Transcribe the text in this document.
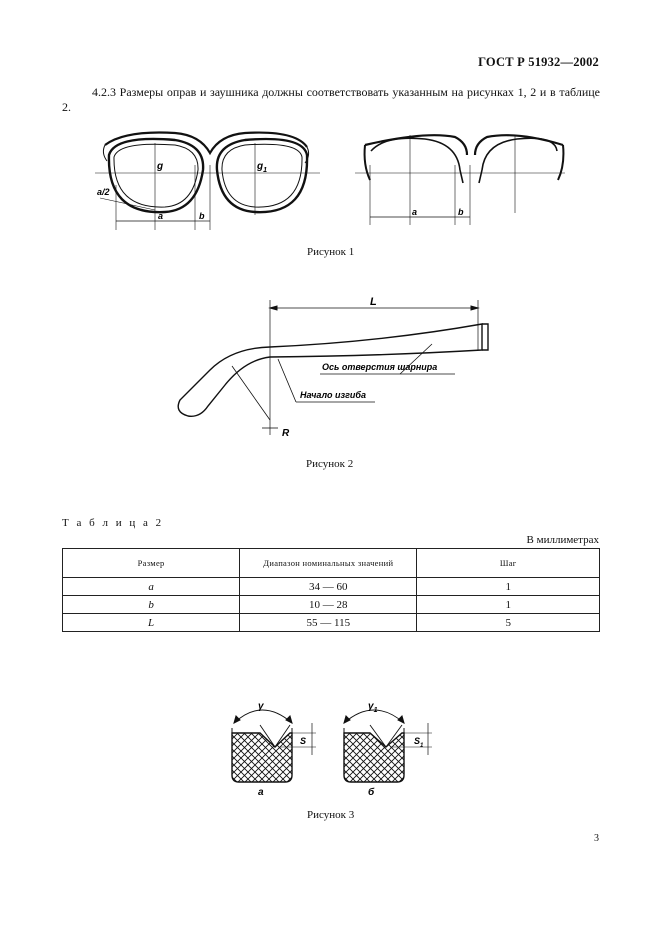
ГОСТ Р 51932—2002
4.2.3 Размеры оправ и заушника должны соответствовать указанным на рисунках 1, 2 и в таблице 2.
g	$g_1$
a/2
a	b	a	b
Рисунок 1
L
Ось отверстия шарнира
Начало изгиба
R
Рисунок 2
Т а б л и ц а 2
В миллиметрах
Размер	Диапазон номинальных значений	Шаг
a	34 — 60	1
b	10 — 28	1
L	55 — 115	5
γ	$\gamma_1$
S	$S_1$
а	б
Рисунок 3
3
